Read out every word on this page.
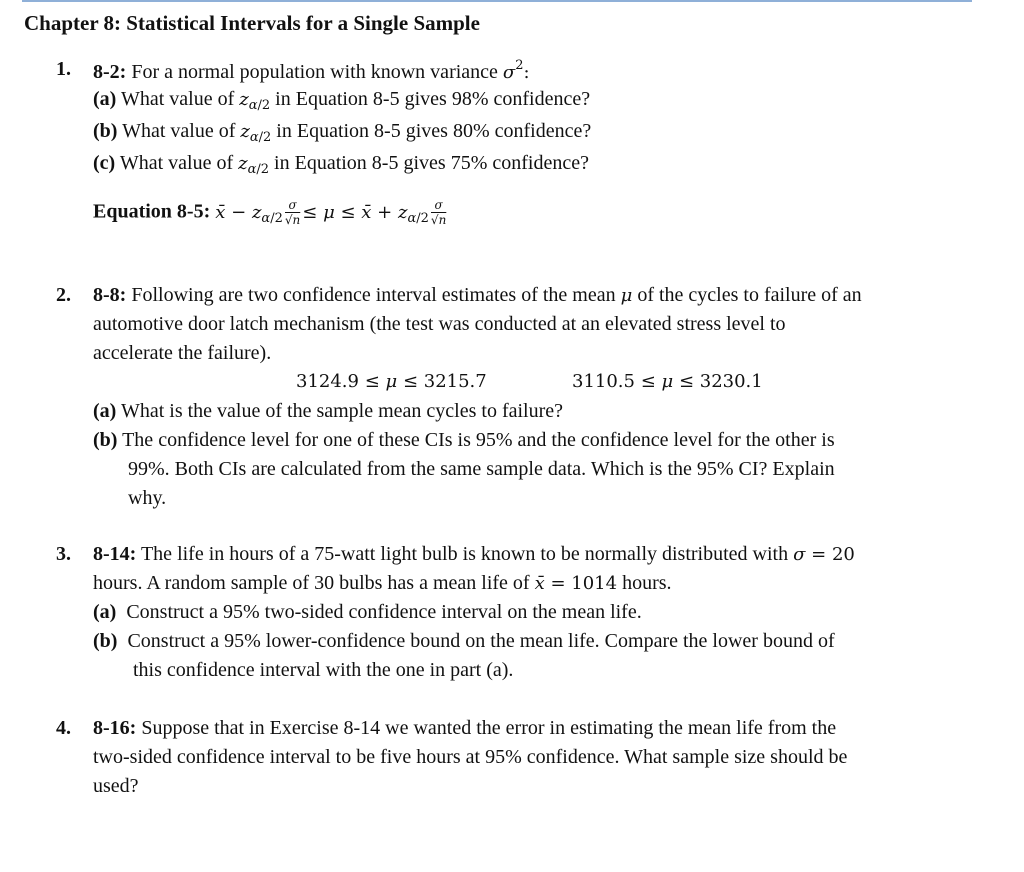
Chapter 8: Statistical Intervals for a Single Sample
1. 8-2: For a normal population with known variance $\sigma^2$:
(a) What value of $z_{\alpha/2}$ in Equation 8-5 gives 98% confidence?
(b) What value of $z_{\alpha/2}$ in Equation 8-5 gives 80% confidence?
(c) What value of $z_{\alpha/2}$ in Equation 8-5 gives 75% confidence?
Equation 8-5: x̄ − $z_{\alpha/2} \frac{\sigma}{√n} \le \mu$ ≤ x̄ + $z_{\alpha/2} \frac{\sigma}{√n}$
2. 8-8: Following are two confidence interval estimates of the mean μ of the cycles to failure of an
automotive door latch mechanism (the test was conducted at an elevated stress level to
accelerate the failure).
3124.9 ≤ μ ≤ 3215.7	3110.5 ≤ μ ≤ 3230.1
(a) What is the value of the sample mean cycles to failure?
(b) The confidence level for one of these CIs is 95% and the confidence level for the other is
99%. Both CIs are calculated from the same sample data. Which is the 95% CI? Explain
why.
3. 8-14: The life in hours of a 75-watt light bulb is known to be normally distributed with σ = 20
hours. A random sample of 30 bulbs has a mean life of x̄ = 1014 hours.
(a) Construct a 95% two-sided confidence interval on the mean life.
(b) Construct a 95% lower-confidence bound on the mean life. Compare the lower bound of
this confidence interval with the one in part (a).
4. 8-16: Suppose that in Exercise 8-14 we wanted the error in estimating the mean life from the
two-sided confidence interval to be five hours at 95% confidence. What sample size should be
used?
